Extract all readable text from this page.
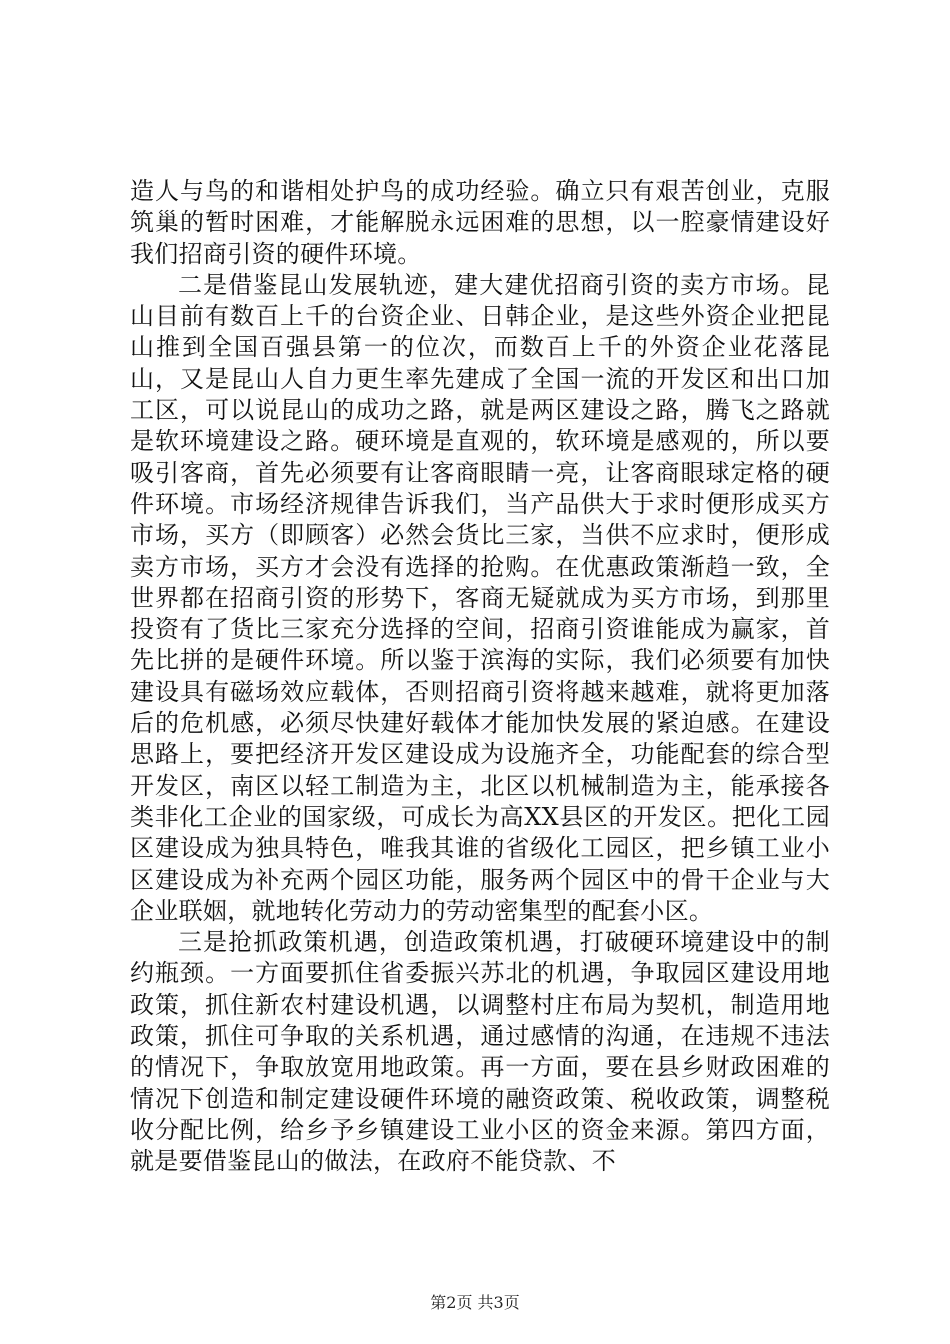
造人与鸟的和谐相处护鸟的成功经验。确立只有艰苦创业，克服筑巢的暂时困难，才能解脱永远困难的思想，以一腔豪情建设好我们招商引资的硬件环境。

二是借鉴昆山发展轨迹，建大建优招商引资的卖方市场。昆山目前有数百上千的台资企业、日韩企业，是这些外资企业把昆山推到全国百强县第一的位次，而数百上千的外资企业花落昆山，又是昆山人自力更生率先建成了全国一流的开发区和出口加工区，可以说昆山的成功之路，就是两区建设之路，腾飞之路就是软环境建设之路。硬环境是直观的，软环境是感观的，所以要吸引客商，首先必须要有让客商眼睛一亮，让客商眼球定格的硬件环境。市场经济规律告诉我们，当产品供大于求时便形成买方市场，买方（即顾客）必然会货比三家，当供不应求时，便形成卖方市场，买方才会没有选择的抢购。在优惠政策渐趋一致，全世界都在招商引资的形势下，客商无疑就成为买方市场，到那里投资有了货比三家充分选择的空间，招商引资谁能成为赢家，首先比拼的是硬件环境。所以鉴于滨海的实际，我们必须要有加快建设具有磁场效应载体，否则招商引资将越来越难，就将更加落后的危机感，必须尽快建好载体才能加快发展的紧迫感。在建设思路上，要把经济开发区建设成为设施齐全，功能配套的综合型开发区，南区以轻工制造为主，北区以机械制造为主，能承接各类非化工企业的国家级，可成长为高XX县区的开发区。把化工园区建设成为独具特色，唯我其谁的省级化工园区，把乡镇工业小区建设成为补充两个园区功能，服务两个园区中的骨干企业与大企业联姻，就地转化劳动力的劳动密集型的配套小区。

三是抢抓政策机遇，创造政策机遇，打破硬环境建设中的制约瓶颈。一方面要抓住省委振兴苏北的机遇，争取园区建设用地政策，抓住新农村建设机遇，以调整村庄布局为契机，制造用地政策，抓住可争取的关系机遇，通过感情的沟通，在违规不违法的情况下，争取放宽用地政策。再一方面，要在县乡财政困难的情况下创造和制定建设硬件环境的融资政策、税收政策，调整税收分配比例，给乡予乡镇建设工业小区的资金来源。第四方面，就是要借鉴昆山的做法，在政府不能贷款、不

第2页 共3页
